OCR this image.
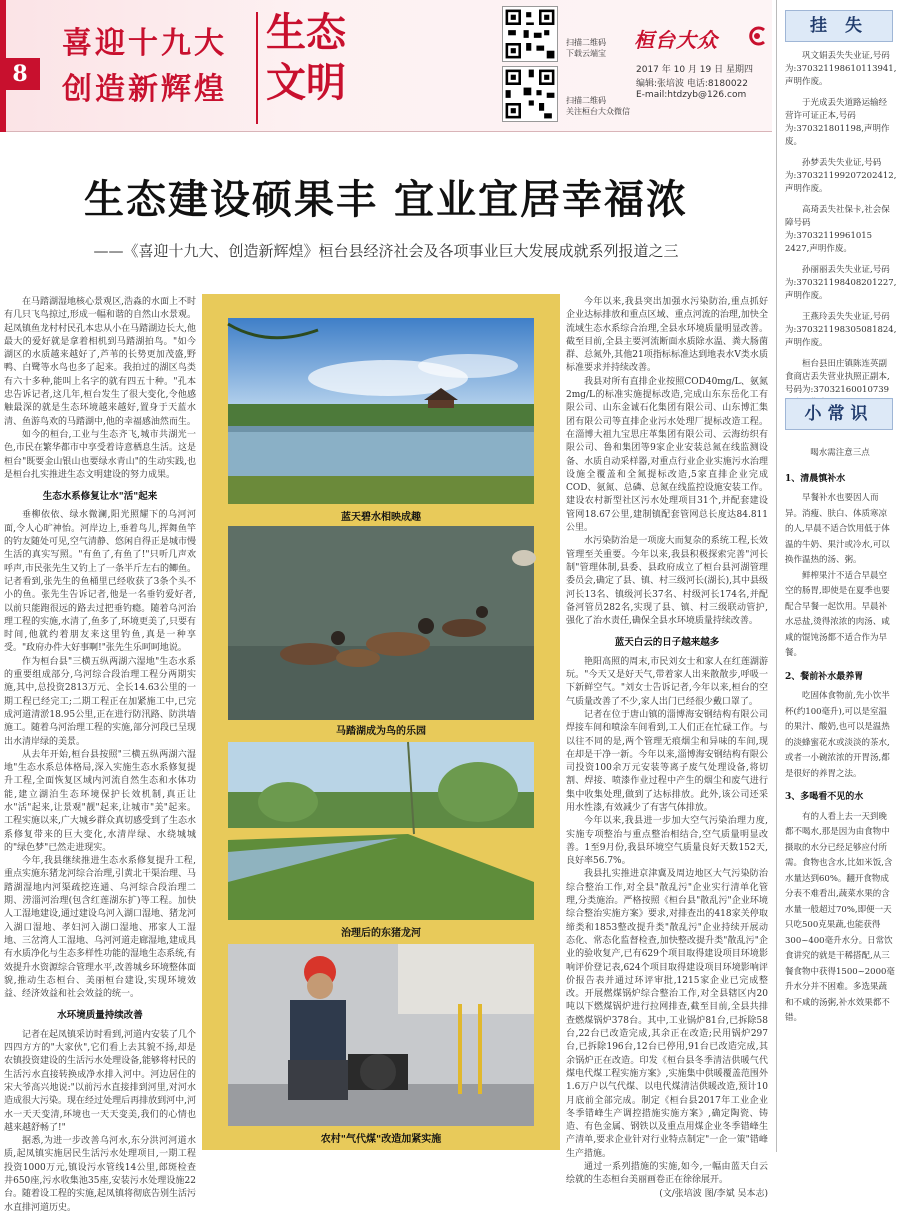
8
喜迎十九大
创造新辉煌
生态文明
扫描二维码
下载云端宝
扫描二维码
关注桓台大众微信
桓台大众
2017 年 10 月 19 日 星期四
编辑:张培波 电话:8180022
E-mail:htdzyb@126.com
生态建设硕果丰 宜业宜居幸福浓
——《喜迎十九大、创造新辉煌》桓台县经济社会及各项事业巨大发展成就系列报道之三

在马踏湖湿地核心景观区,浩淼的水面上不时有几只飞鸟掠过,形成一幅和谐的自然山水景观。起凤镇鱼龙村村民孔本忠从小在马踏湖边长大,他最大的爱好就是拿着相机到马踏湖拍鸟。"如今湖区的水质越来越好了,芦苇的长势更加茂盛,野鸭、白鹭等水鸟也多了起来。我拍过的湖区鸟类有六十多种,能叫上名字的就有四五十种。"孔本忠告诉记者,这几年,桓台发生了很大变化,令他感触最深的就是生态环境越来越好,置身于天蓝水清、鱼游鸟欢的马踏湖中,他的幸福感油然而生。

如今的桓台,工业与生态齐飞,城市共湖光一色,市民在繁华都市中享受着诗意栖息生活。这是桓台"既要金山银山也要绿水青山"的生动实践,也是桓台扎实推进生态文明建设的努力成果。

生态水系修复让水"活"起来

垂柳依依、绿水微澜,阳光照耀下的乌河河面,令人心旷神怡。河岸边上,垂着鸟儿,挥舞鱼竿的钓友随处可见,空气清静、悠闲自得正是城市慢生活的真实写照。"有鱼了,有鱼了!"只听几声欢呼声,市民张先生又钓上了一条半斤左右的鲫鱼。记者看到,张先生的鱼桶里已经收获了3条个头不小的鱼。张先生告诉记者,他是一名垂钓爱好者,以前只能跑很远的路去过把垂钓瘾。随着乌河治理工程的实施,水清了,鱼多了,环境更美了,只要有时间,他就约着朋友来这里钓鱼,真是一种享受。"政府办件大好事啊!"张先生乐呵呵地说。

作为桓台县"三横五纵两湖六湿地"生态水系的重要组成部分,乌河综合段治理工程分两期实施,其中,总投资2813万元、全长14.63公里的一期工程已经完工;二期工程正在加紧施工中,已完成河道清淤18.95公里,正在进行防汛路、防洪墙施工。随着乌河治理工程的实施,部分河段已呈现出水清岸绿的美景。

从去年开始,桓台县按照"三横五纵两湖六湿地"生态水系总体格局,深入实施生态水系修复提升工程,全面恢复区域内河流自然生态和水体功能,建立湖泊生态环境保护长效机制,真正让水"活"起来,让景观"靓"起来,让城市"美"起来。工程实施以来,广大城乡群众真切感受到了生态水系修复带来的巨大变化,水清岸绿、水绕城城的"绿色梦"已然走进现实。

今年,我县继续推进生态水系修复提升工程,重点实施东猪龙河综合治理,引黄北干渠治理、马踏湖湿地内河渠疏挖连通、乌河综合段治理二期、涝淄河治理(包含红莲湖东扩)等工程。加快人工湿地建设,通过建设乌河入湖口湿地、猪龙河入湖口湿地、孝妇河入湖口湿地、邢家人工湿地、三岔湾人工湿地、乌河河道走廊湿地,建成具有水质净化与生态多样性功能的湿地生态系统,有效提升水资源综合管理水平,改善城乡环境整体面貌,推动生态桓台、美丽桓台建设,实现环境效益、经济效益和社会效益的统一。

水环境质量持续改善

记者在起凤镇采访时看到,河道内安装了几个四四方方的"大家伙",它们看上去其貌不扬,却是农镇投资建设的生活污水处理设备,能够将村民的生活污水直接转换成净水排入河中。河边居住的宋大爷高兴地说:"以前污水直接排到河里,对河水造成很大污染。现在经过处理后再排放到河中,河水一天天变清,环境也一天天变美,我们的心情也越来越舒畅了!"

据悉,为进一步改善乌河水,东分洪河河道水质,起凤镇实施居民生活污水处理项目,一期工程投资1000万元,镇设污水管线14公里,郎斑检查井650座,污水收集池35座,安装污水处理设施22台。随着设工程的实施,起凤镇将彻底告别生活污水直排河道历史。

蓝天碧水相映成趣
马踏湖成为鸟的乐园
治理后的东猪龙河
农村"气代煤"改造加紧实施

今年以来,我县突出加强水污染防治,重点抓好企业达标排放和重点区域、重点河流的治理,加快全流域生态水系综合治理,全县水环境质量明显改善。截至目前,全县主要河流断面水质除水温、粪大肠菌群、总氮外,其他21项指标标准达到地表水V类水质标准要求并持续改善。

我县对所有直排企业按照COD40mg/L、氨氮2mg/L的标准实施提标改造,完成山东东岳化工有限公司、山东金诚石化集团有限公司、山东博汇集团有限公司等直排企业污水处理厂提标改造工程。在淄博大祖九宝思庄革集团有限公司、云海纺织有限公司、鲁和集团等9家企业安装总氮在线监测设备、水质自动采样器,对重点行业企业实施污水治理设施全覆盖和全氮提标改造,5家直排企业完成COD、氨氮、总磷、总氮在线监控设施安装工作。建设农村新型社区污水处理项目31个,并配套建设管网18.67公里,建制镇配套管网总长度达84.811公里。

水污染防治是一项庞大而复杂的系统工程,长效管理至关重要。今年以来,我县积极探索完善"河长制"管理体制,县委、县政府成立了桓台县河湖管理委员会,确定了县、镇、村三级河长(湖长),其中县级河长13名、镇级河长37名、村级河长174名,并配备河管员282名,实现了县、镇、村三级联动管护,强化了治水责任,确保全县水环境质量持续改善。

蓝天白云的日子越来越多

艳阳高照的周末,市民刘女士和家人在红莲湖游玩。"今天又是好天气,带着家人出来散散步,呼吸一下新鲜空气。"刘女士告诉记者,今年以来,桓台的空气质量改善了不少,家人出门已经很少戴口罩了。

记者在位于唐山镇的淄博海安钢结构有限公司焊接车间和喷涂车间看到,工人们正在忙碌工作。与以往不同的是,两个管理无痕烟尘和异味的车间,现在却是干净一新。今年以来,淄博海安钢结构有限公司投资100余万元安装等离子废气处理设备,将切割、焊接、喷漆作业过程中产生的烟尘和废气进行集中收集处理,做到了达标排放。此外,该公司还采用水性漆,有效减少了有害气体排放。

今年以来,我县进一步加大空气污染治理力度,实施专项整治与重点整治相结合,空气质量明显改善。1至9月份,我县环境空气质量良好天数152天,良好率56.7%。

我县扎实推进京津冀及周边地区大气污染防治综合整治工作,对全县"散乱污"企业实行清单化管理,分类施治。严格按照《桓台县"散乱污"企业环境综合整治实施方案》要求,对排查出的418家关停取缔类和1853整改提升类"散乱污"企业持续开展动态化、常态化监督检查,加快整改提升类"散乱污"企业的验收复产,已有629个项目取得建设项目环境影响评价登记表,624个项目取得建设项目环境影响评价报告表并通过环评审批,1215家企业已完成整改。开展燃煤锅炉综合整治工作,对全县辖区内20吨以下燃煤锅炉进行拉网排查,截至目前,全县共排查燃煤锅炉378台。其中,工业锅炉81台,已拆除58台,22台已改造完成,其余正在改造;民用锅炉297台,已拆除196台,12台已停用,91台已改造完成,其余锅炉正在改造。印发《桓台县冬季清洁供暖气代煤电代煤工程实施方案》,实施集中供暖覆盖范围外1.6万户以气代煤、以电代煤清洁供暖改造,预计10月底前全部完成。制定《桓台县2017年工业企业冬季错峰生产调控措施实施方案》,确定陶瓷、铸造、有色金属、钢铁以及重点用煤企业冬季错峰生产清单,要求企业针对行业特点制定"一企一策"错峰生产措施。

通过一系列措施的实施,如今,一幅由蓝天白云绘就的生态桓台美丽画卷正在徐徐展开。

(文/张培波 图/李斌 吴本志)
挂 失
巩文娟丢失失业证,号码为:370321198610113941,声明作废。
于光成丢失道路运输经营许可证正本,号码为:370321801198,声明作废。
孙梦丢失失业证,号码为:370321199207202412,声明作废。
高琦丢失社保卡,社会保障号码为:37032119961015 2427,声明作废。
孙丽丽丢失失业证,号码为:370321198408201227,声明作废。
王燕玲丢失失业证,号码为:370321198305081824,声明作废。
桓台县田庄镇陈连英副食商店丢失营业执照正副本,号码为:37032160010739
小常识
喝水需注意三点
1、清晨慎补水

早餐补水也要因人而异。消瘦、肤白、体质寒凉的人,早晨不适合饮用低于体温的牛奶、果汁或冷水,可以换作温热的汤、粥。

鲜榨果汁不适合早晨空空的肠胃,即使是在夏季也要配合早餐一起饮用。早晨补水忌盐,烫得浓浓的肉汤、咸咸的馄饨汤都不适合作为早餐。

2、餐前补水最养胃

吃固体食物前,先小饮半杯(约100毫升),可以是室温的果汁、酸奶,也可以是温热的淡蜂蜜花水或淡淡的茶水,或者一小碗浓浓的开胃汤,都是很好的养胃之法。

3、多喝看不见的水

有的人看上去一天到晚都不喝水,那是因为由食物中摄取的水分已经足够应付所需。食物也含水,比如米饭,含水量达到60%。翻开食物成分表不难看出,蔬菜水果的含水量一般超过70%,即便一天只吃500克果蔬,也能获得300~400毫升水分。日常饮食讲究的就是干稀搭配,从三餐食物中获得1500~2000毫升水分并不困难。多选果蔬和不咸的汤粥,补水效果都不错。
